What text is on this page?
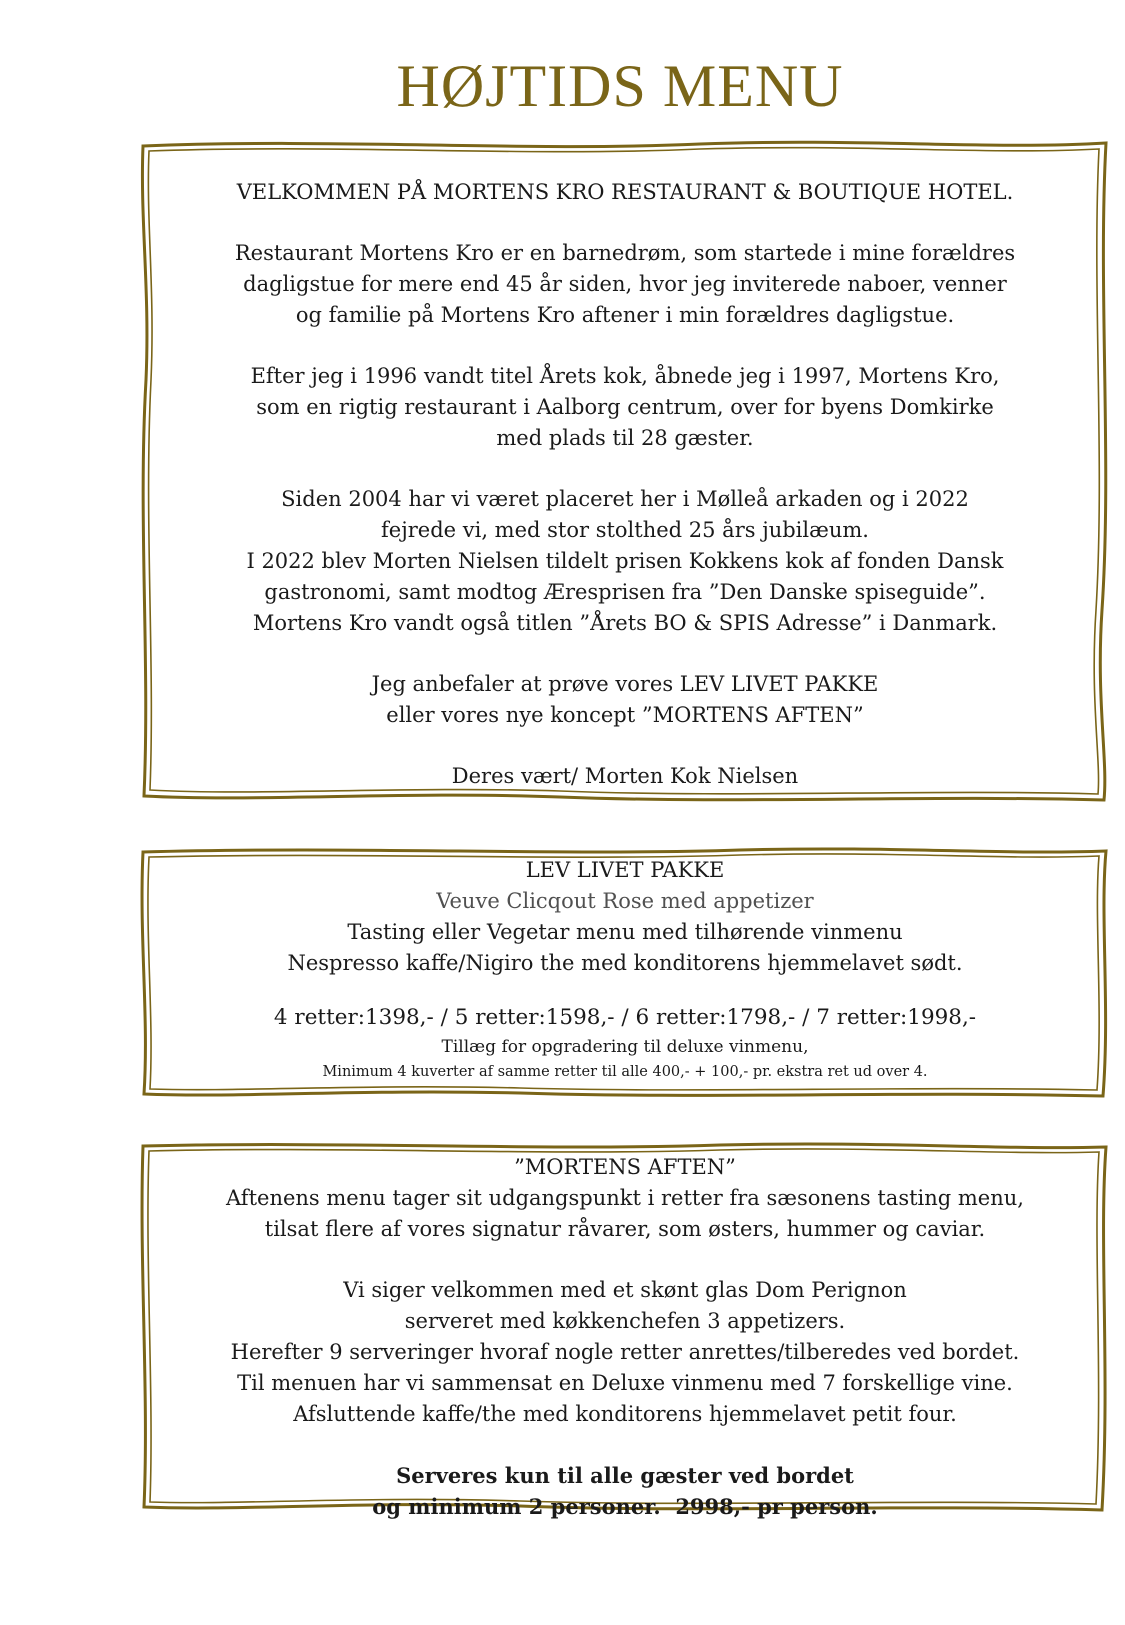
HØJTIDS MENU
VELKOMMEN PÅ MORTENS KRO RESTAURANT & BOUTIQUE HOTEL.
Restaurant Mortens Kro er en barnedrøm, som startede i mine forældres
dagligstue for mere end 45 år siden, hvor jeg inviterede naboer, venner
og familie på Mortens Kro aftener i min forældres dagligstue.
Efter jeg i 1996 vandt titel Årets kok, åbnede jeg i 1997, Mortens Kro,
som en rigtig restaurant i Aalborg centrum, over for byens Domkirke
med plads til 28 gæster.
Siden 2004 har vi været placeret her i Mølleå arkaden og i 2022
fejrede vi, med stor stolthed 25 års jubilæum.
I 2022 blev Morten Nielsen tildelt prisen Kokkens kok af fonden Dansk
gastronomi, samt modtog Æresprisen fra ”Den Danske spiseguide”.
Mortens Kro vandt også titlen ”Årets BO & SPIS Adresse” i Danmark.
Jeg anbefaler at prøve vores LEV LIVET PAKKE
eller vores nye koncept ”MORTENS AFTEN”
Deres vært/ Morten Kok Nielsen
LEV LIVET PAKKE
Veuve Clicqout Rose med appetizer
Tasting eller Vegetar menu med tilhørende vinmenu
Nespresso kaffe/Nigiro the med konditorens hjemmelavet sødt.
4 retter:1398,- / 5 retter:1598,- / 6 retter:1798,- / 7 retter:1998,-
Tillæg for opgradering til deluxe vinmenu,
Minimum 4 kuverter af samme retter til alle 400,- + 100,- pr. ekstra ret ud over 4.
”MORTENS AFTEN”
Aftenens menu tager sit udgangspunkt i retter fra sæsonens tasting menu,
tilsat flere af vores signatur råvarer, som østers, hummer og caviar.
Vi siger velkommen med et skønt glas Dom Perignon
serveret med køkkenchefen 3 appetizers.
Herefter 9 serveringer hvoraf nogle retter anrettes/tilberedes ved bordet.
Til menuen har vi sammensat en Deluxe vinmenu med 7 forskellige vine.
Afsluttende kaffe/the med konditorens hjemmelavet petit four.
Serveres kun til alle gæster ved bordet
og minimum 2 personer.  2998,- pr person.
